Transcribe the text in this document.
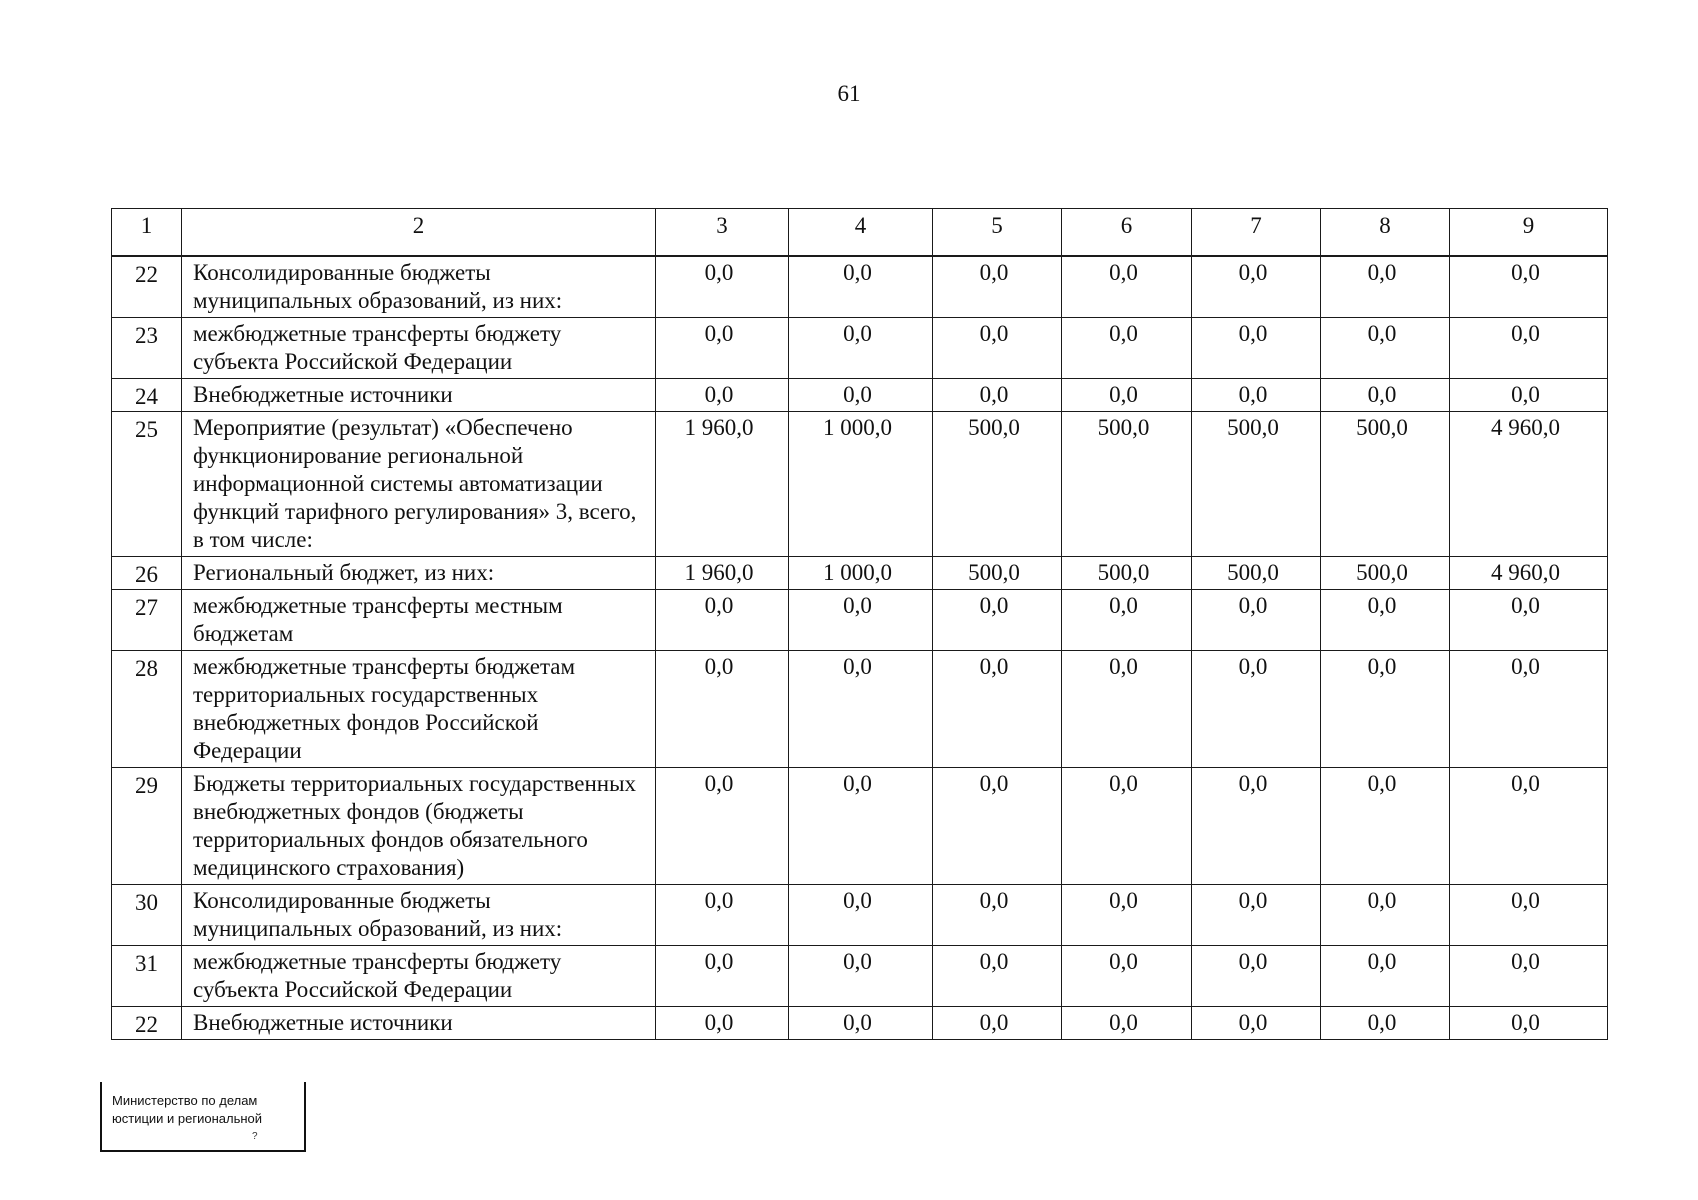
61
1	2	3	4	5	6	7	8	9
22	Консолидированные бюджеты муниципальных образований, из них:	0,0	0,0	0,0	0,0	0,0	0,0	0,0
23	межбюджетные трансферты бюджету субъекта Российской Федерации	0,0	0,0	0,0	0,0	0,0	0,0	0,0
24	Внебюджетные источники	0,0	0,0	0,0	0,0	0,0	0,0	0,0
25	Мероприятие (результат) «Обеспечено функционирование региональной информационной системы автоматизации функций тарифного регулирования» 3, всего, в том числе:	1 960,0	1 000,0	500,0	500,0	500,0	500,0	4 960,0
26	Региональный бюджет, из них:	1 960,0	1 000,0	500,0	500,0	500,0	500,0	4 960,0
27	межбюджетные трансферты местным бюджетам	0,0	0,0	0,0	0,0	0,0	0,0	0,0
28	межбюджетные трансферты бюджетам территориальных государственных внебюджетных фондов Российской Федерации	0,0	0,0	0,0	0,0	0,0	0,0	0,0
29	Бюджеты территориальных государственных внебюджетных фондов (бюджеты территориальных фондов обязательного медицинского страхования)	0,0	0,0	0,0	0,0	0,0	0,0	0,0
30	Консолидированные бюджеты муниципальных образований, из них:	0,0	0,0	0,0	0,0	0,0	0,0	0,0
31	межбюджетные трансферты бюджету субъекта Российской Федерации	0,0	0,0	0,0	0,0	0,0	0,0	0,0
22	Внебюджетные источники	0,0	0,0	0,0	0,0	0,0	0,0	0,0
Министерство по делам
юстиции и региональной
?
